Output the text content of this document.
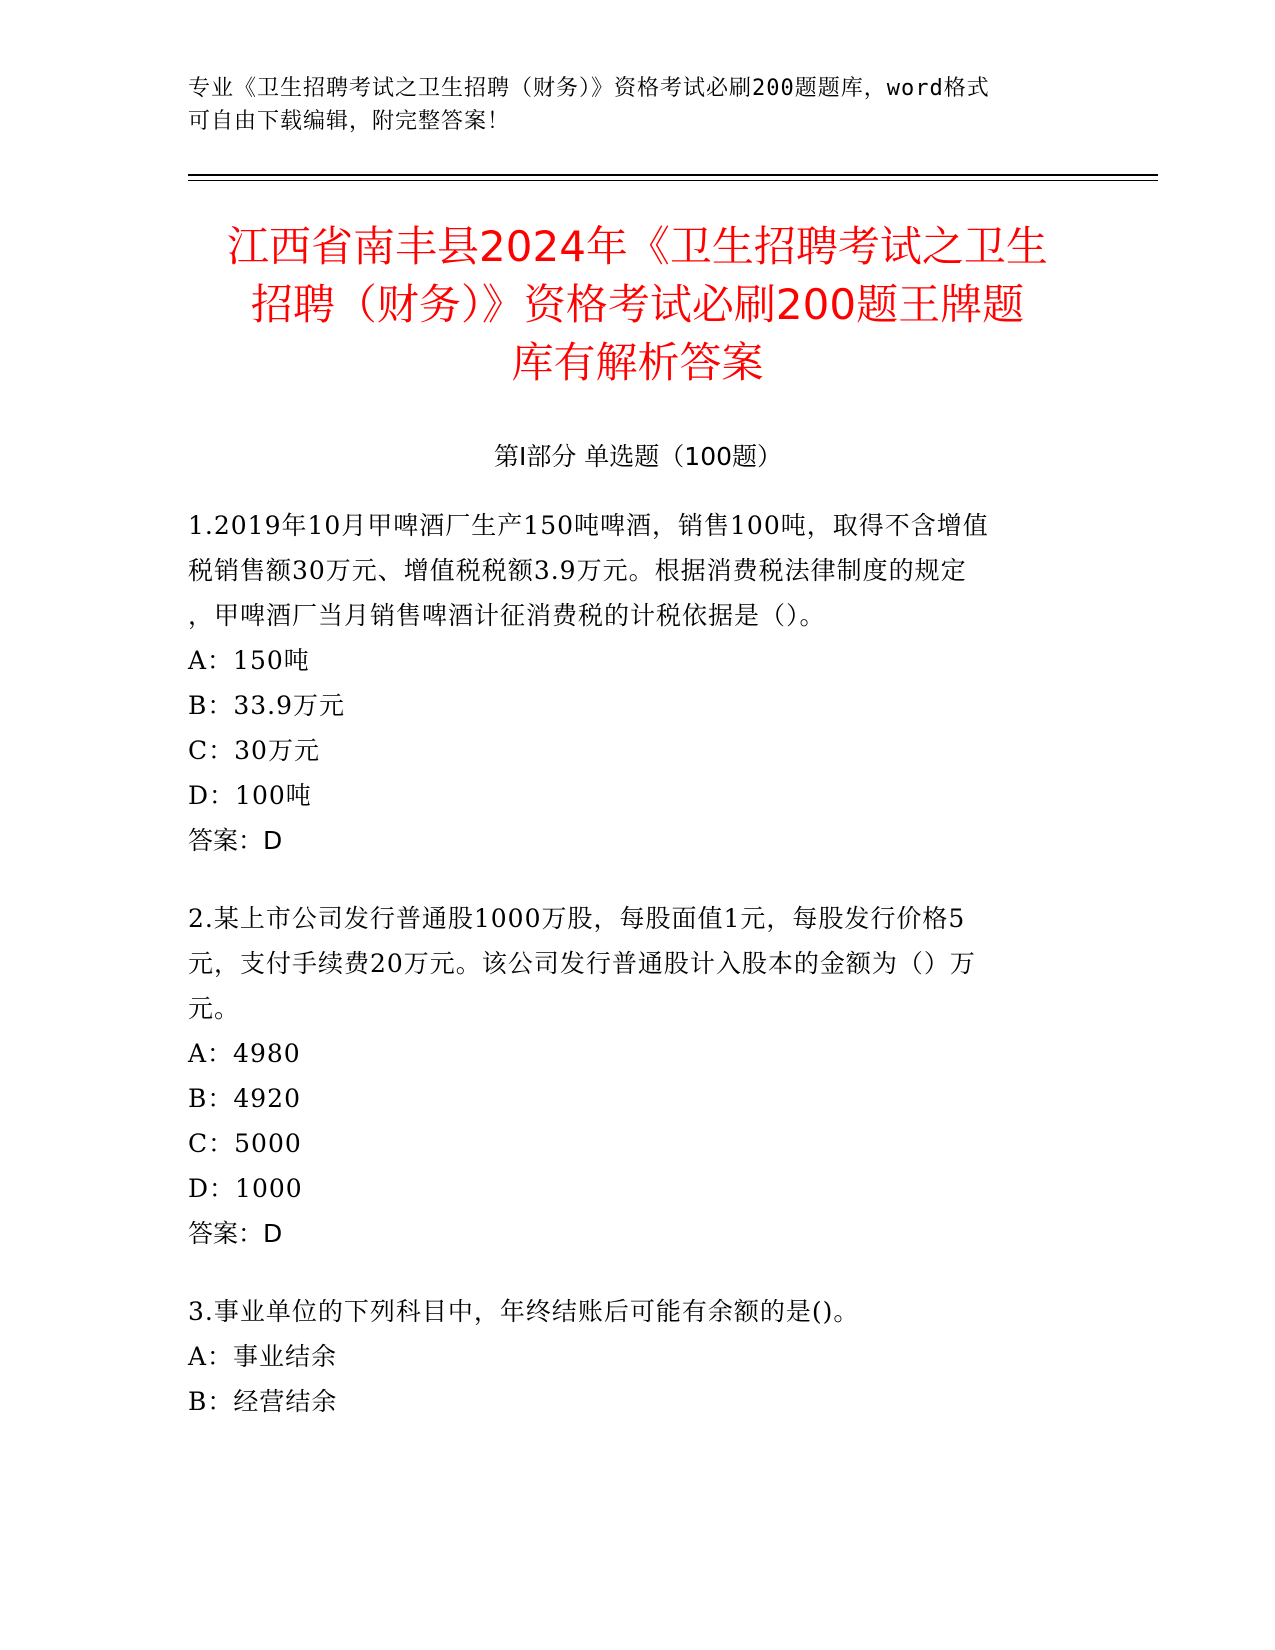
专业《卫生招聘考试之卫生招聘（财务）》资格考试必刷200题题库，word格式
可自由下载编辑，附完整答案！
江西省南丰县2024年《卫生招聘考试之卫生
招聘（财务）》资格考试必刷200题王牌题
库有解析答案
第Ⅰ部分 单选题（100题）

1.2019年10月甲啤酒厂生产150吨啤酒，销售100吨，取得不含增值

税销售额30万元、增值税税额3.9万元。根据消费税法律制度的规定

，甲啤酒厂当月销售啤酒计征消费税的计税依据是（）。

A：150吨

B：33.9万元

C：30万元

D：100吨

答案：D

2.某上市公司发行普通股1000万股，每股面值1元，每股发行价格5

元，支付手续费20万元。该公司发行普通股计入股本的金额为（）万

元。

A：4980

B：4920

C：5000

D：1000

答案：D

3.事业单位的下列科目中，年终结账后可能有余额的是()。

A：事业结余

B：经营结余
